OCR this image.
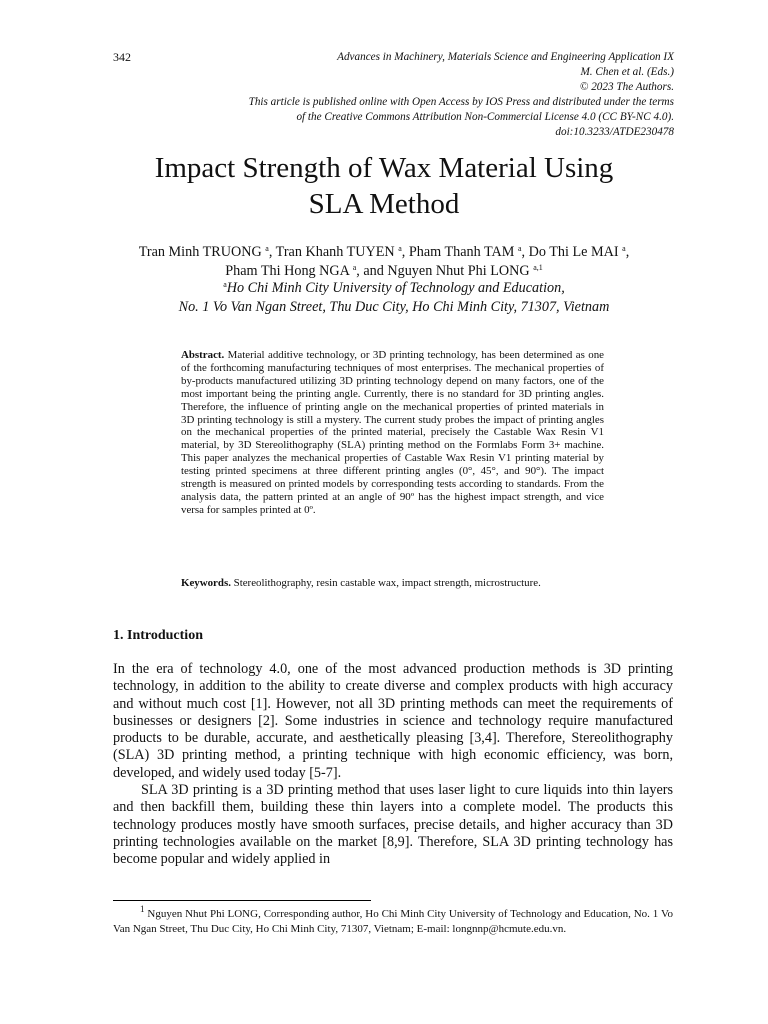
342	Advances in Machinery, Materials Science and Engineering Application IX
M. Chen et al. (Eds.)
© 2023 The Authors.
This article is published online with Open Access by IOS Press and distributed under the terms
of the Creative Commons Attribution Non-Commercial License 4.0 (CC BY-NC 4.0).
doi:10.3233/ATDE230478
Impact Strength of Wax Material Using
SLA Method
Tran Minh TRUONG $^a$, Tran Khanh TUYEN $^a$, Pham Thanh TAM $^a$, Do Thi Le MAI $^a$,
Pham Thi Hong NGA $^a$, and Nguyen Nhut Phi LONG $^{a,1}$
$^a$Ho Chi Minh City University of Technology and Education,
No. 1 Vo Van Ngan Street, Thu Duc City, Ho Chi Minh City, 71307, Vietnam
Abstract. Material additive technology, or 3D printing technology, has been determined as one of the forthcoming manufacturing techniques of most enterprises. The mechanical properties of by-products manufactured utilizing 3D printing technology depend on many factors, one of the most important being the printing angle. Currently, there is no standard for 3D printing angles. Therefore, the influence of printing angle on the mechanical properties of printed materials in 3D printing technology is still a mystery. The current study probes the impact of printing angles on the mechanical properties of the printed material, precisely the Castable Wax Resin V1 material, by 3D Stereolithography (SLA) printing method on the Formlabs Form 3+ machine. This paper analyzes the mechanical properties of Castable Wax Resin V1 printing material by testing printed specimens at three different printing angles (0°, 45°, and 90°). The impact strength is measured on printed models by corresponding tests according to standards. From the analysis data, the pattern printed at an angle of 90º has the highest impact strength, and vice versa for samples printed at 0º.
Keywords. Stereolithography, resin castable wax, impact strength, microstructure.
1. Introduction

In the era of technology 4.0, one of the most advanced production methods is 3D printing technology, in addition to the ability to create diverse and complex products with high accuracy and without much cost [1]. However, not all 3D printing methods can meet the requirements of businesses or designers [2]. Some industries in science and technology require manufactured products to be durable, accurate, and aesthetically pleasing [3,4]. Therefore, Stereolithography (SLA) 3D printing method, a printing technique with high economic efficiency, was born, developed, and widely used today [5-7].

SLA 3D printing is a 3D printing method that uses laser light to cure liquids into thin layers and then backfill them, building these thin layers into a complete model. The products this technology produces mostly have smooth surfaces, precise details, and higher accuracy than 3D printing technologies available on the market [8,9]. Therefore, SLA 3D printing technology has become popular and widely applied in

$^1$ Nguyen Nhut Phi LONG, Corresponding author, Ho Chi Minh City University of Technology and Education, No. 1 Vo Van Ngan Street, Thu Duc City, Ho Chi Minh City, 71307, Vietnam; E-mail: longnnp@hcmute.edu.vn.
